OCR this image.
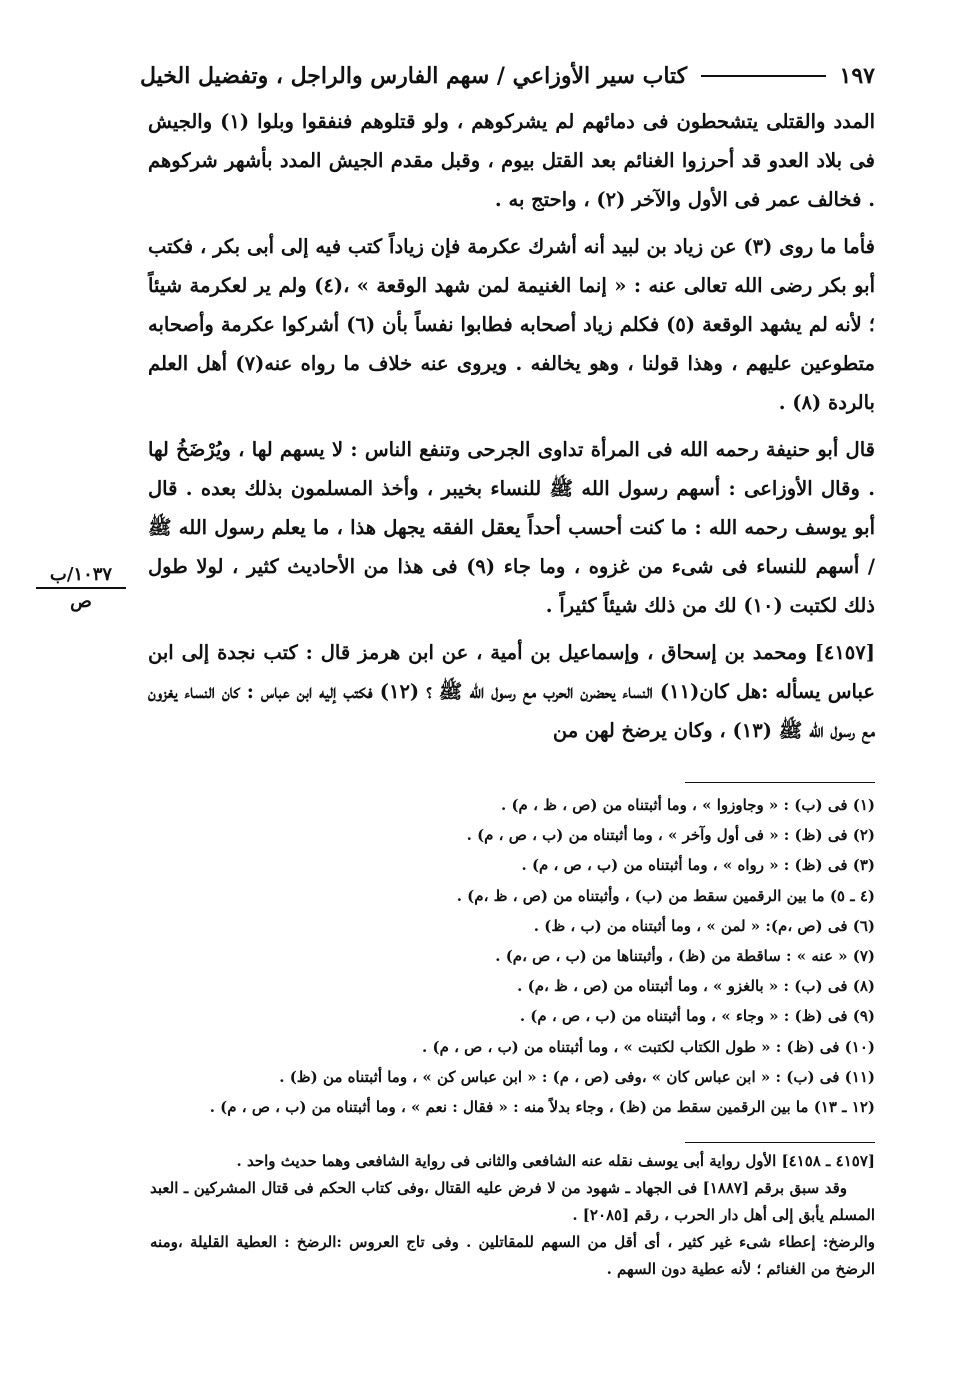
كتاب سير الأوزاعي / سهم الفارس والراجل ، وتفضيل الخيل	١٩٧
١٠٣٧/ب
ص

المدد والقتلى يتشحطون فى دمائهم لم يشركوهم ، ولو قتلوهم فنفقوا وبلوا (١) والجيش فى بلاد العدو قد أحرزوا الغنائم بعد القتل بيوم ، وقبل مقدم الجيش المدد بأشهر شركوهم . فخالف عمر فى الأول والآخر (٢) ، واحتج به .

فأما ما روى (٣) عن زياد بن لبيد أنه أشرك عكرمة فإن زياداً كتب فيه إلى أبى بكر ، فكتب أبو بكر رضى الله تعالى عنه : « إنما الغنيمة لمن شهد الوقعة » ،(٤) ولم ير لعكرمة شيئاً ؛ لأنه لم يشهد الوقعة (٥) فكلم زياد أصحابه فطابوا نفساً بأن (٦) أشركوا عكرمة وأصحابه متطوعين عليهم ، وهذا قولنا ، وهو يخالفه . ويروى عنه خلاف ما رواه عنه(٧) أهل العلم بالردة (٨) .

قال أبو حنيفة رحمه الله فى المرأة تداوى الجرحى وتنفع الناس : لا يسهم لها ، ويُرْضَخُ لها . وقال الأوزاعى : أسهم رسول الله ﷺ للنساء بخيبر ، وأخذ المسلمون بذلك بعده . قال أبو يوسف رحمه الله : ما كنت أحسب أحداً يعقل الفقه يجهل هذا ، ما يعلم رسول الله ﷺ / أسهم للنساء فى شىء من غزوه ، وما جاء (٩) فى هذا من الأحاديث كثير ، لولا طول ذلك لكتبت (١٠) لك من ذلك شيئاً كثيراً .

[٤١٥٧] ومحمد بن إسحاق ، وإسماعيل بن أمية ، عن ابن هرمز قال : كتب نجدة إلى ابن عباس يسأله :هل كان(١١) النساء يحضرن الحرب مع رسول الله ﷺ ؟ (١٢) فكتب إليه ابن عباس : كان النساء يغزون مع رسول الله ﷺ (١٣) ، وكان يرضخ لهن من

(١) فى (ب) : « وجاوزوا » ، وما أثبتناه من (ص ، ظ ، م) .

(٢) فى (ظ) : « فى أول وآخر » ، وما أثبتناه من (ب ، ص ، م) .

(٣) فى (ظ) : « رواه » ، وما أثبتناه من (ب ، ص ، م) .

(٤ ـ ٥) ما بين الرقمين سقط من (ب) ، وأثبتناه من (ص ، ظ ،م) .

(٦) فى (ص ،م): « لمن » ، وما أثبتناه من (ب ، ظ) .

(٧) « عنه » : ساقطة من (ظ) ، وأثبتناها من (ب ، ص ،م) .

(٨) فى (ب) : « بالغزو » ، وما أثبتناه من (ص ، ظ ،م) .

(٩) فى (ظ) : « وجاء » ، وما أثبتناه من (ب ، ص ، م) .

(١٠) فى (ظ) : « طول الكتاب لكتبت » ، وما أثبتناه من (ب ، ص ، م) .

(١١) فى (ب) : « ابن عباس كان » ،وفى (ص ، م) : « ابن عباس كن » ، وما أثبتناه من (ظ) .

(١٢ ـ ١٣) ما بين الرقمين سقط من (ظ) ، وجاء بدلاً منه : « فقال : نعم » ، وما أثبتناه من (ب ، ص ، م) .

[٤١٥٧ ـ ٤١٥٨] الأول رواية أبى يوسف نقله عنه الشافعى والثانى فى رواية الشافعى وهما حديث واحد .

وقد سبق برقم [١٨٨٧] فى الجهاد ـ شهود من لا فرض عليه القتال ،وفى كتاب الحكم فى قتال المشركين ـ العبد المسلم يأبق إلى أهل دار الحرب ، رقم [٢٠٨٥] .

والرضخ: إعطاء شىء غير كثير ، أى أقل من السهم للمقاتلين . وفى تاج العروس :الرضخ : العطية القليلة ،ومنه الرضخ من الغنائم ؛ لأنه عطية دون السهم .
